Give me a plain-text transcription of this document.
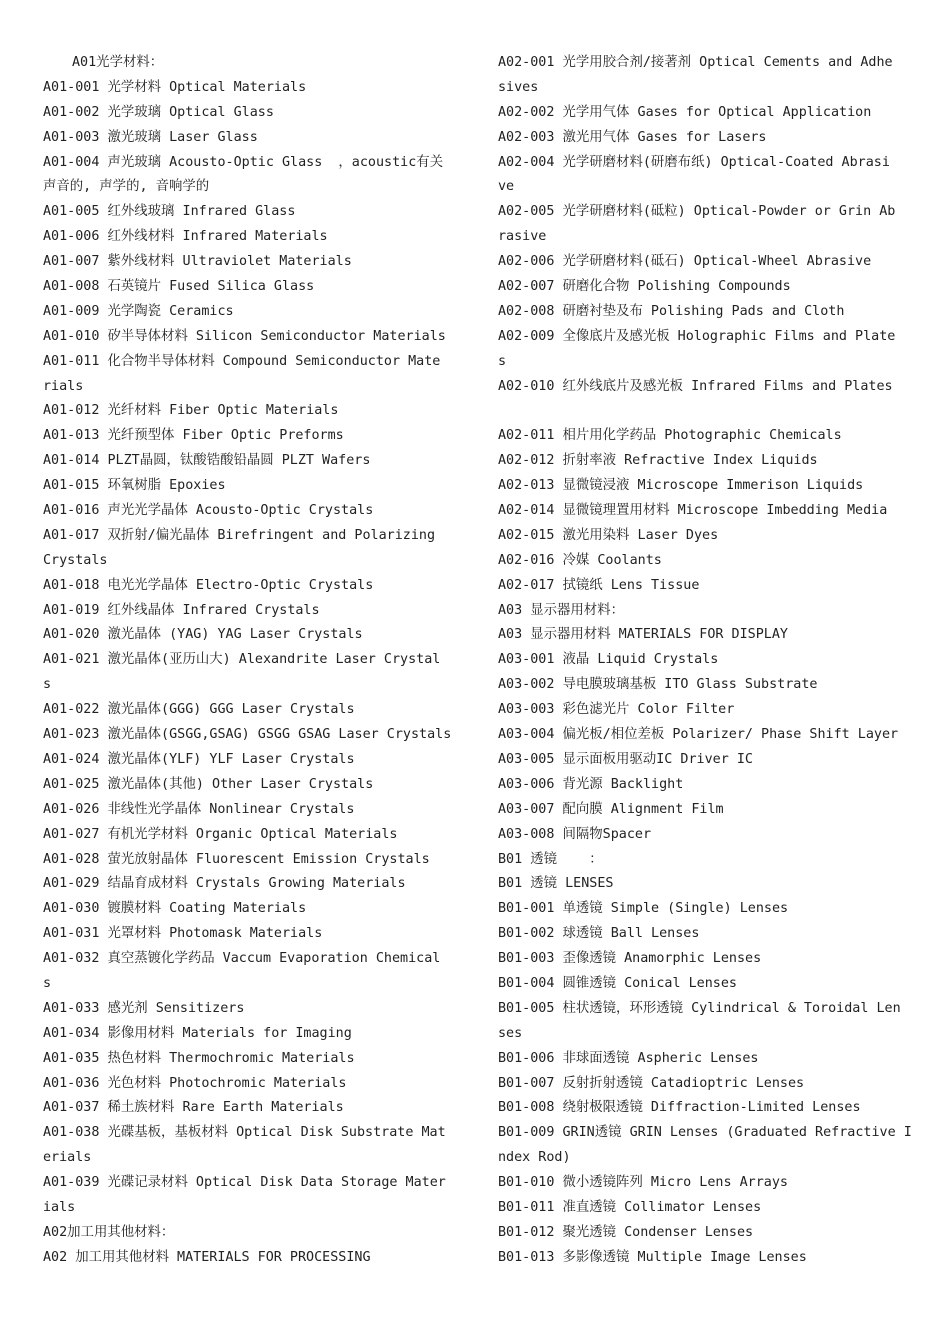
A01光学材料：
A01-001 光学材料 Optical Materials
A01-002 光学玻璃 Optical Glass
A01-003 激光玻璃 Laser Glass
A01-004 声光玻璃 Acousto-Optic Glass  ，acoustic有关
声音的, 声学的, 音响学的
A01-005 红外线玻璃 Infrared Glass
A01-006 红外线材料 Infrared Materials
A01-007 紫外线材料 Ultraviolet Materials
A01-008 石英镜片 Fused Silica Glass
A01-009 光学陶瓷 Ceramics
A01-010 矽半导体材料 Silicon Semiconductor Materials
A01-011 化合物半导体材料 Compound Semiconductor Mate
rials
A01-012 光纤材料 Fiber Optic Materials
A01-013 光纤预型体 Fiber Optic Preforms
A01-014 PLZT晶圆，钛酸锆酸铅晶圆 PLZT Wafers
A01-015 环氧树脂 Epoxies
A01-016 声光光学晶体 Acousto-Optic Crystals
A01-017 双折射/偏光晶体 Birefringent and Polarizing
Crystals
A01-018 电光光学晶体 Electro-Optic Crystals
A01-019 红外线晶体 Infrared Crystals
A01-020 激光晶体 (YAG) YAG Laser Crystals
A01-021 激光晶体(亚历山大) Alexandrite Laser Crystal
s
A01-022 激光晶体(GGG) GGG Laser Crystals
A01-023 激光晶体(GSGG,GSAG) GSGG GSAG Laser Crystals
A01-024 激光晶体(YLF) YLF Laser Crystals
A01-025 激光晶体(其他) Other Laser Crystals
A01-026 非线性光学晶体 Nonlinear Crystals
A01-027 有机光学材料 Organic Optical Materials
A01-028 萤光放射晶体 Fluorescent Emission Crystals
A01-029 结晶育成材料 Crystals Growing Materials
A01-030 镀膜材料 Coating Materials
A01-031 光罩材料 Photomask Materials
A01-032 真空蒸镀化学药品 Vaccum Evaporation Chemical
s
A01-033 感光剂 Sensitizers
A01-034 影像用材料 Materials for Imaging
A01-035 热色材料 Thermochromic Materials
A01-036 光色材料 Photochromic Materials
A01-037 稀土族材料 Rare Earth Materials
A01-038 光碟基板，基板材料 Optical Disk Substrate Mat
erials
A01-039 光碟记录材料 Optical Disk Data Storage Mater
ials
A02加工用其他材料：
A02 加工用其他材料 MATERIALS FOR PROCESSING
A02-001 光学用胶合剂/接著剂 Optical Cements and Adhe
sives
A02-002 光学用气体 Gases for Optical Application
A02-003 激光用气体 Gases for Lasers
A02-004 光学研磨材料(研磨布纸) Optical-Coated Abrasi
ve
A02-005 光学研磨材料(砥粒) Optical-Powder or Grin Ab
rasive
A02-006 光学研磨材料(砥石) Optical-Wheel Abrasive
A02-007 研磨化合物 Polishing Compounds
A02-008 研磨衬垫及布 Polishing Pads and Cloth
A02-009 全像底片及感光板 Holographic Films and Plate
s
A02-010 红外线底片及感光板 Infrared Films and Plates
A02-011 相片用化学药品 Photographic Chemicals
A02-012 折射率液 Refractive Index Liquids
A02-013 显微镜浸液 Microscope Immerison Liquids
A02-014 显微镜理置用材料 Microscope Imbedding Media
A02-015 激光用染料 Laser Dyes
A02-016 冷媒 Coolants
A02-017 拭镜纸 Lens Tissue
A03 显示器用材料：
A03 显示器用材料 MATERIALS FOR DISPLAY
A03-001 液晶 Liquid Crystals
A03-002 导电膜玻璃基板 ITO Glass Substrate
A03-003 彩色滤光片 Color Filter
A03-004 偏光板/相位差板 Polarizer/ Phase Shift Layer
A03-005 显示面板用驱动IC Driver IC
A03-006 背光源 Backlight
A03-007 配向膜 Alignment Film
A03-008 间隔物Spacer
B01 透镜    ：
B01 透镜 LENSES
B01-001 单透镜 Simple (Single) Lenses
B01-002 球透镜 Ball Lenses
B01-003 歪像透镜 Anamorphic Lenses
B01-004 圆锥透镜 Conical Lenses
B01-005 柱状透镜，环形透镜 Cylindrical & Toroidal Len
ses
B01-006 非球面透镜 Aspheric Lenses
B01-007 反射折射透镜 Catadioptric Lenses
B01-008 绕射极限透镜 Diffraction-Limited Lenses
B01-009 GRIN透镜 GRIN Lenses (Graduated Refractive I
ndex Rod)
B01-010 微小透镜阵列 Micro Lens Arrays
B01-011 准直透镜 Collimator Lenses
B01-012 聚光透镜 Condenser Lenses
B01-013 多影像透镜 Multiple Image Lenses
